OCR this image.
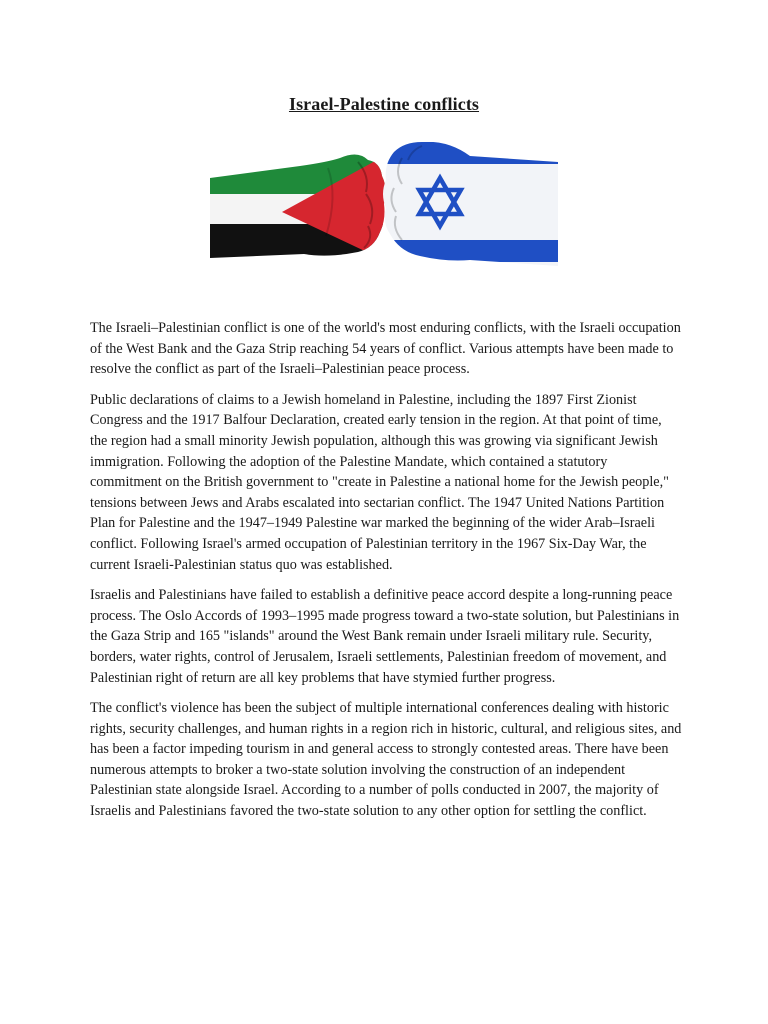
Israel-Palestine conflicts

The Israeli–Palestinian conflict is one of the world's most enduring conflicts, with the Israeli occupation of the West Bank and the Gaza Strip reaching 54 years of conflict. Various attempts have been made to resolve the conflict as part of the Israeli–Palestinian peace process.

Public declarations of claims to a Jewish homeland in Palestine, including the 1897 First Zionist Congress and the 1917 Balfour Declaration, created early tension in the region. At that point of time, the region had a small minority Jewish population, although this was growing via significant Jewish immigration. Following the adoption of the Palestine Mandate, which contained a statutory commitment on the British government to "create in Palestine a national home for the Jewish people," tensions between Jews and Arabs escalated into sectarian conflict. The 1947 United Nations Partition Plan for Palestine and the 1947–1949 Palestine war marked the beginning of the wider Arab–Israeli conflict. Following Israel's armed occupation of Palestinian territory in the 1967 Six-Day War, the current Israeli-Palestinian status quo was established.

Israelis and Palestinians have failed to establish a definitive peace accord despite a long-running peace process. The Oslo Accords of 1993–1995 made progress toward a two-state solution, but Palestinians in the Gaza Strip and 165 "islands" around the West Bank remain under Israeli military rule. Security, borders, water rights, control of Jerusalem, Israeli settlements, Palestinian freedom of movement, and Palestinian right of return are all key problems that have stymied further progress.

The conflict's violence has been the subject of multiple international conferences dealing with historic rights, security challenges, and human rights in a region rich in historic, cultural, and religious sites, and has been a factor impeding tourism in and general access to strongly contested areas. There have been numerous attempts to broker a two-state solution involving the construction of an independent Palestinian state alongside Israel. According to a number of polls conducted in 2007, the majority of Israelis and Palestinians favored the two-state solution to any other option for settling the conflict.
